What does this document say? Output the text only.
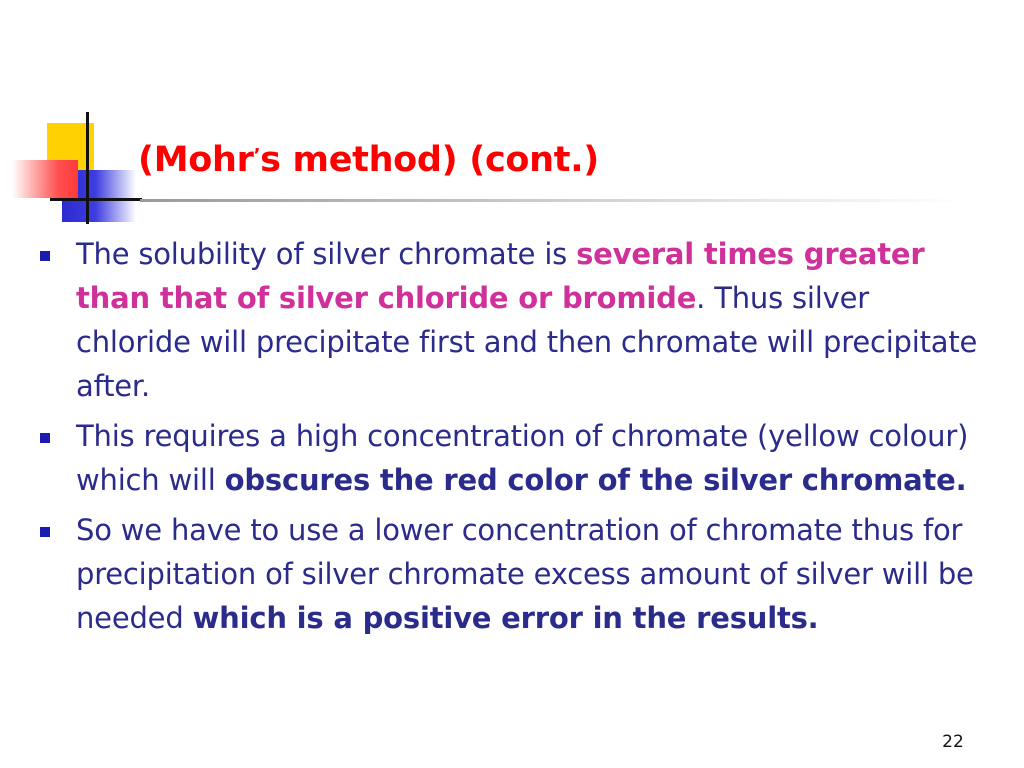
(Mohr’s method) (cont.)
The solubility of silver chromate is several times greater than that of silver chloride or bromide. Thus silver chloride will precipitate first and then chromate will precipitate after.
This requires a high concentration of chromate (yellow colour) which will obscures the red color of the silver chromate.
So we have to use a lower concentration of chromate thus for precipitation of silver chromate excess amount of silver will be needed which is a positive error in the results.
22
